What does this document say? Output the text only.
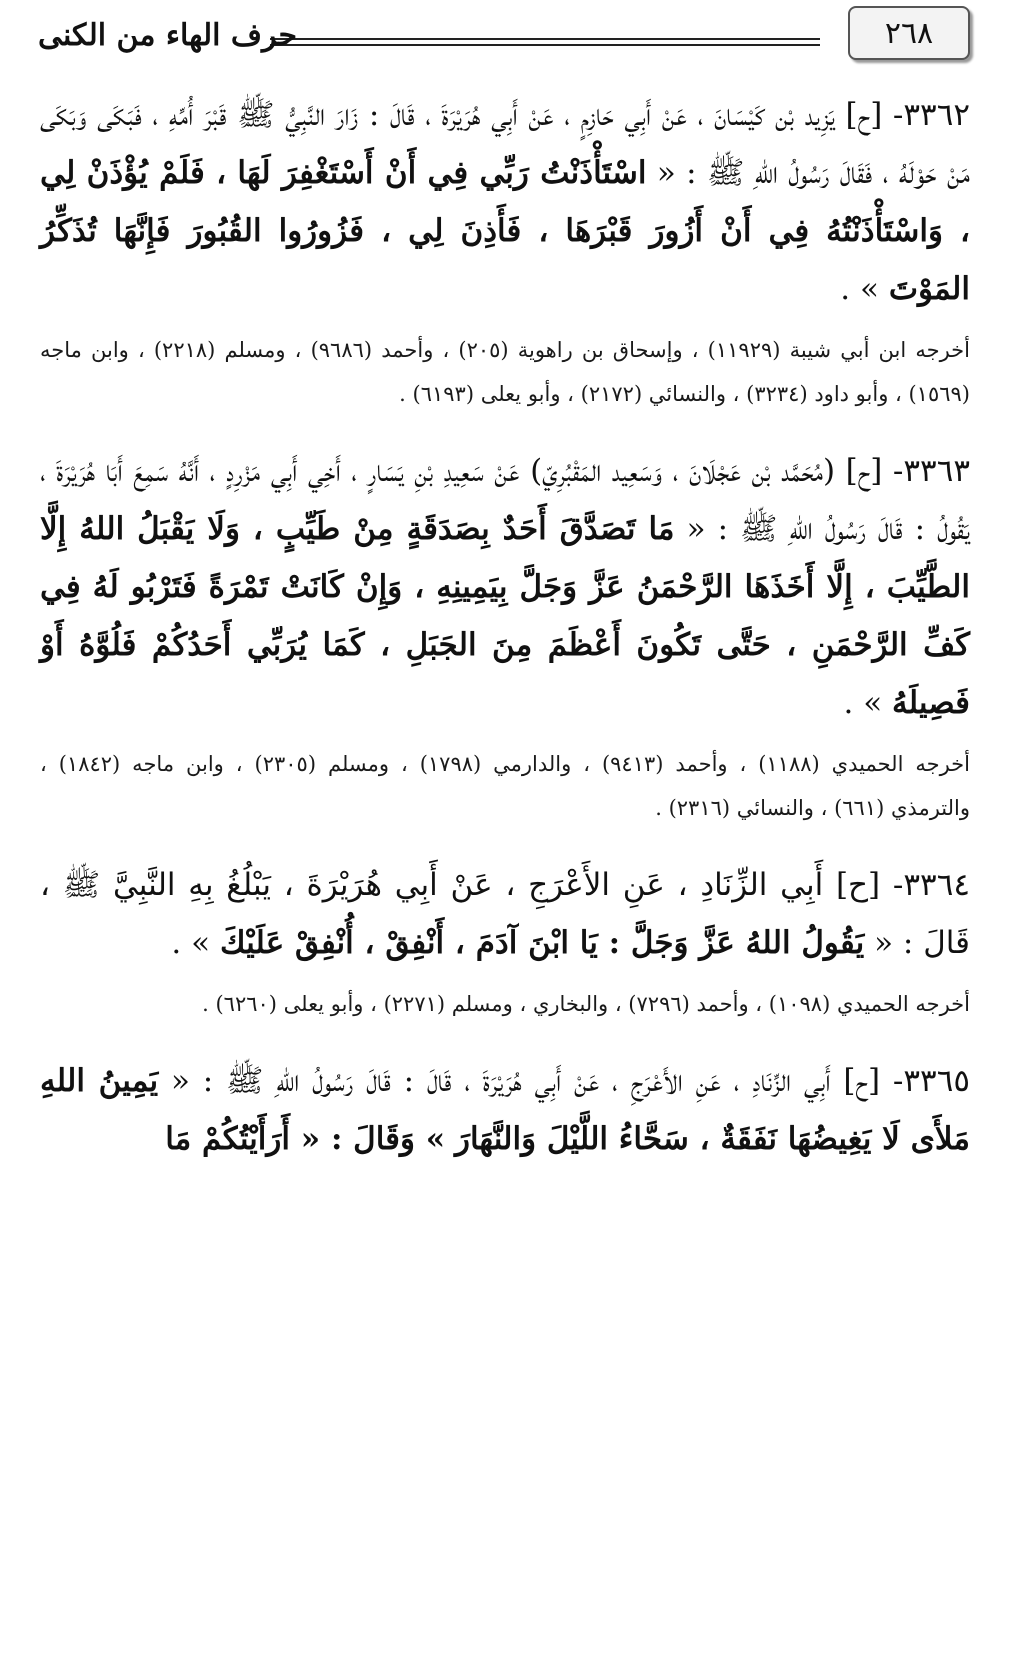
٢٦٨
حرف الهاء من الكنى

٣٣٦٢- [ح] يَزِيد بْن كَيْسَانَ ، عَنْ أَبِي حَازِمٍ ، عَنْ أَبِي هُرَيْرَةَ ، قَالَ : زَارَ النَّبِيُّ ﷺ قَبْرَ أُمِّهِ ، فَبَكَى وَبَكَى مَنْ حَوْلَهُ ، فَقَالَ رَسُولُ اللهِ ﷺ : « اسْتَأْذَنْتُ رَبِّي فِي أَنْ أَسْتَغْفِرَ لَهَا ، فَلَمْ يُؤْذَنْ لِي ، وَاسْتَأْذَنْتُهُ فِي أَنْ أَزُورَ قَبْرَهَا ، فَأَذِنَ لِي ، فَزُورُوا القُبُورَ فَإِنَّهَا تُذَكِّرُ المَوْتَ » .

أخرجه ابن أبي شيبة (١١٩٢٩) ، وإسحاق بن راهوية (٢٠٥) ، وأحمد (٩٦٨٦) ، ومسلم (٢٢١٨) ، وابن ماجه (١٥٦٩) ، وأبو داود (٣٢٣٤) ، والنسائي (٢١٧٢) ، وأبو يعلى (٦١٩٣) .

٣٣٦٣- [ح] (مُحَمَّد بْن عَجْلَانَ ، وَسَعِيد المَقْبُرِيّ) عَنْ سَعِيدِ بْنِ يَسَارٍ ، أَخِي أَبِي مَزْرِدٍ ، أَنَّهُ سَمِعَ أَبَا هُرَيْرَةَ ، يَقُولُ : قَالَ رَسُولُ اللهِ ﷺ : « مَا تَصَدَّقَ أَحَدٌ بِصَدَقَةٍ مِنْ طَيِّبٍ ، وَلَا يَقْبَلُ اللهُ إِلَّا الطَّيِّبَ ، إِلَّا أَخَذَهَا الرَّحْمَنُ عَزَّ وَجَلَّ بِيَمِينِهِ ، وَإِنْ كَانَتْ تَمْرَةً فَتَرْبُو لَهُ فِي كَفِّ الرَّحْمَنِ ، حَتَّى تَكُونَ أَعْظَمَ مِنَ الجَبَلِ ، كَمَا يُرَبِّي أَحَدُكُمْ فَلُوَّهُ أَوْ فَصِيلَهُ » .

أخرجه الحميدي (١١٨٨) ، وأحمد (٩٤١٣) ، والدارمي (١٧٩٨) ، ومسلم (٢٣٠٥) ، وابن ماجه (١٨٤٢) ، والترمذي (٦٦١) ، والنسائي (٢٣١٦) .

٣٣٦٤- [ح] أَبِي الزِّنَادِ ، عَنِ الأَعْرَجِ ، عَنْ أَبِي هُرَيْرَةَ ، يَبْلُغُ بِهِ النَّبِيَّ ﷺ ، قَالَ : « يَقُولُ اللهُ عَزَّ وَجَلَّ : يَا ابْنَ آدَمَ ، أَنْفِقْ ، أُنْفِقْ عَلَيْكَ » .

أخرجه الحميدي (١٠٩٨) ، وأحمد (٧٢٩٦) ، والبخاري ، ومسلم (٢٢٧١) ، وأبو يعلى (٦٢٦٠) .

٣٣٦٥- [ح] أَبِي الزِّنَادِ ، عَنِ الأَعْرَجِ ، عَنْ أَبِي هُرَيْرَةَ ، قَالَ : قَالَ رَسُولُ اللهِ ﷺ : « يَمِينُ اللهِ مَلأَى لَا يَغِيضُهَا نَفَقَةٌ ، سَحَّاءُ اللَّيْلَ وَالنَّهَارَ » وَقَالَ : « أَرَأَيْتُكُمْ مَا
